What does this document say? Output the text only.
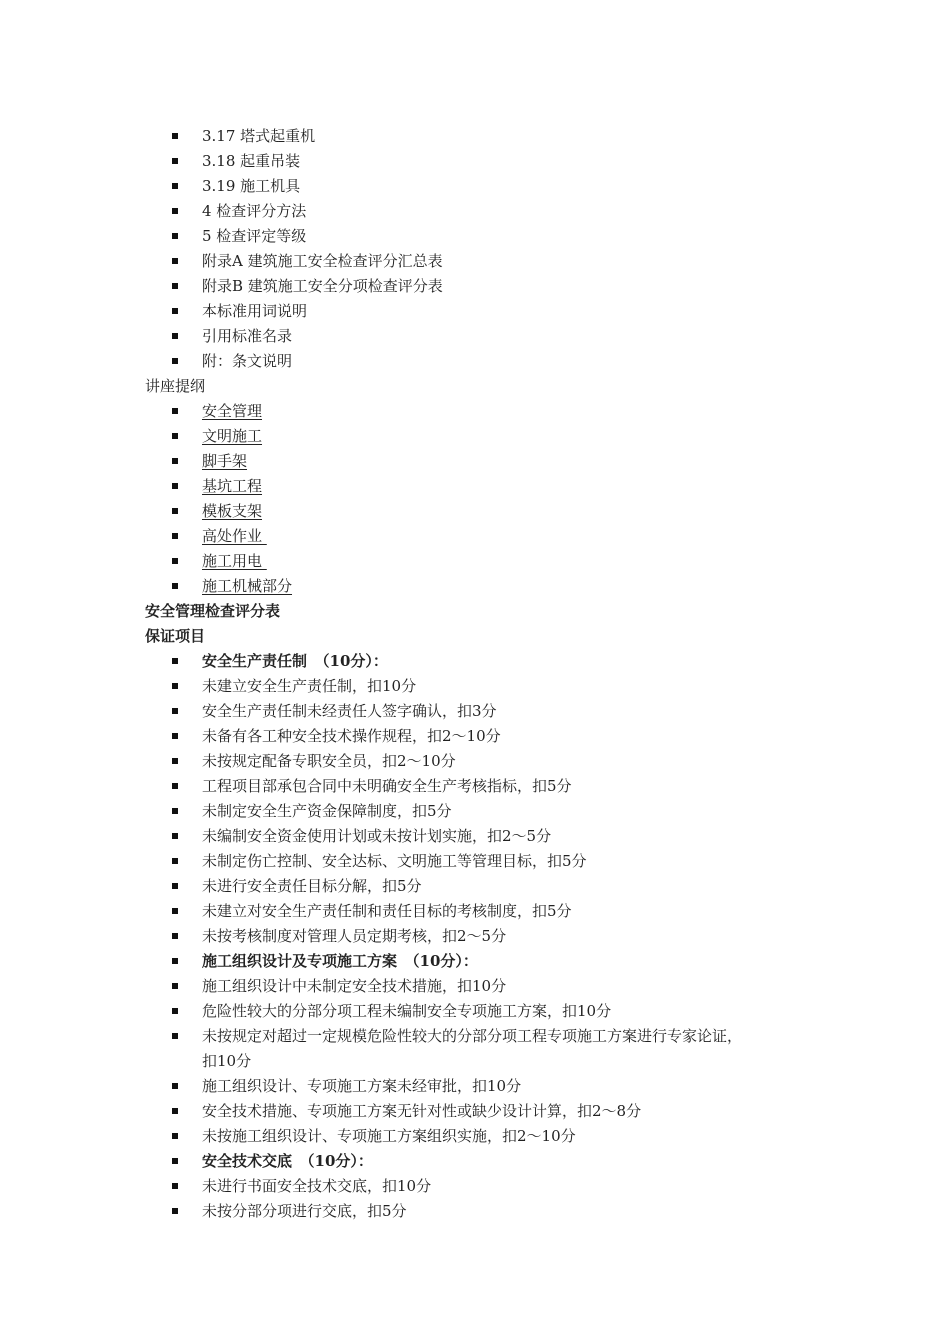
3.17 塔式起重机
3.18 起重吊装
3.19 施工机具
4 检查评分方法
5 检查评定等级
附录A 建筑施工安全检查评分汇总表
附录B 建筑施工安全分项检查评分表
本标准用词说明
引用标准名录
附：条文说明
讲座提纲
安全管理
文明施工
脚手架
基坑工程
模板支架
高处作业
施工用电
施工机械部分
安全管理检查评分表
保证项目
安全生产责任制　（10分）：
未建立安全生产责任制，扣10分
安全生产责任制未经责任人签字确认，扣3分
未备有各工种安全技术操作规程，扣2～10分
未按规定配备专职安全员，扣2～10分
工程项目部承包合同中未明确安全生产考核指标，扣5分
未制定安全生产资金保障制度，扣5分
未编制安全资金使用计划或未按计划实施，扣2～5分
未制定伤亡控制、安全达标、文明施工等管理目标，扣5分
未进行安全责任目标分解，扣5分
未建立对安全生产责任制和责任目标的考核制度，扣5分
未按考核制度对管理人员定期考核，扣2～5分
施工组织设计及专项施工方案　（10分）：
施工组织设计中未制定安全技术措施，扣10分
危险性较大的分部分项工程未编制安全专项施工方案，扣10分
未按规定对超过一定规模危险性较大的分部分项工程专项施工方案进行专家论证，
扣10分
施工组织设计、专项施工方案未经审批，扣10分
安全技术措施、专项施工方案无针对性或缺少设计计算，扣2～8分
未按施工组织设计、专项施工方案组织实施，扣2～10分
安全技术交底　（10分）：
未进行书面安全技术交底，扣10分
未按分部分项进行交底，扣5分
